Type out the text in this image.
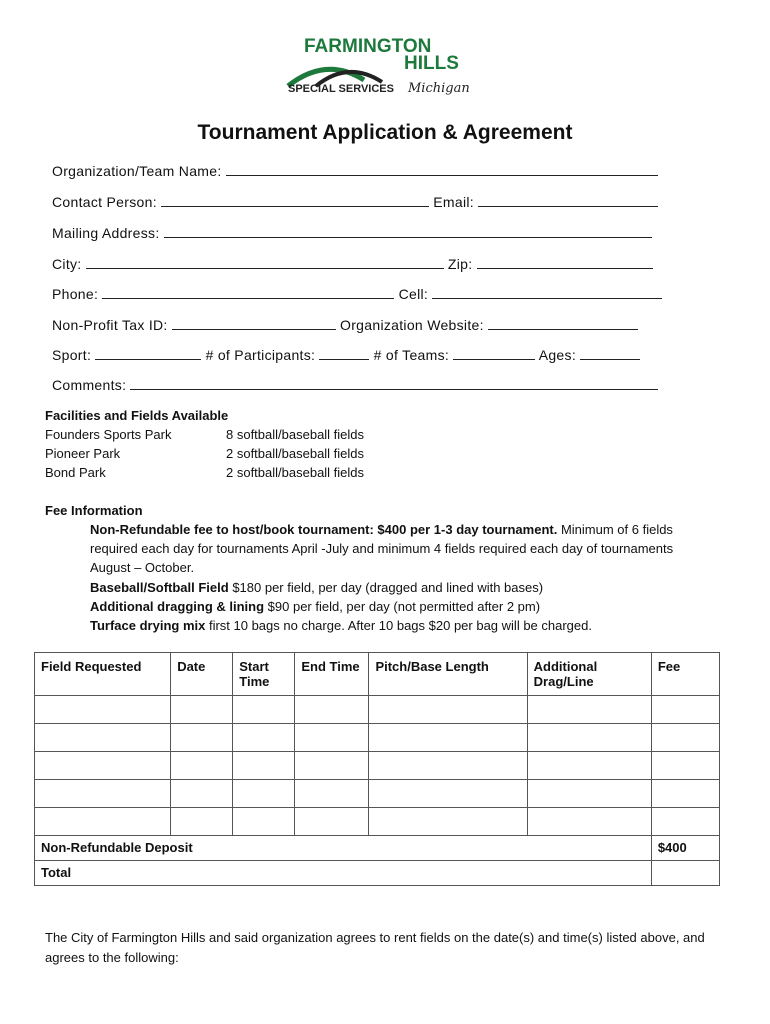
FARMINGTON
HILLS
SPECIAL SERVICES Michigan
Tournament Application & Agreement
Organization/Team Name:
Contact Person:	Email:
Mailing Address:
City:	Zip:
Phone:	Cell:
Non-Profit Tax ID:	Organization Website:
Sport:	# of Participants:	# of Teams:	Ages:
Comments:
Facilities and Fields Available
Founders Sports Park	8 softball/baseball fields
Pioneer Park	2 softball/baseball fields
Bond Park	2 softball/baseball fields
Fee Information
Non-Refundable fee to host/book tournament: $400 per 1-3 day tournament. Minimum of 6 fields required each day for tournaments April -July and minimum 4 fields required each day of tournaments August – October.
Baseball/Softball Field $180 per field, per day (dragged and lined with bases)
Additional dragging & lining $90 per field, per day (not permitted after 2 pm)
Turface drying mix first 10 bags no charge. After 10 bags $20 per bag will be charged.
Field Requested	Date	Start Time	End Time	Pitch/Base Length	Additional Drag/Line	Fee

Non-Refundable Deposit						$400
Total						
The City of Farmington Hills and said organization agrees to rent fields on the date(s) and time(s) listed above, and agrees to the following:
